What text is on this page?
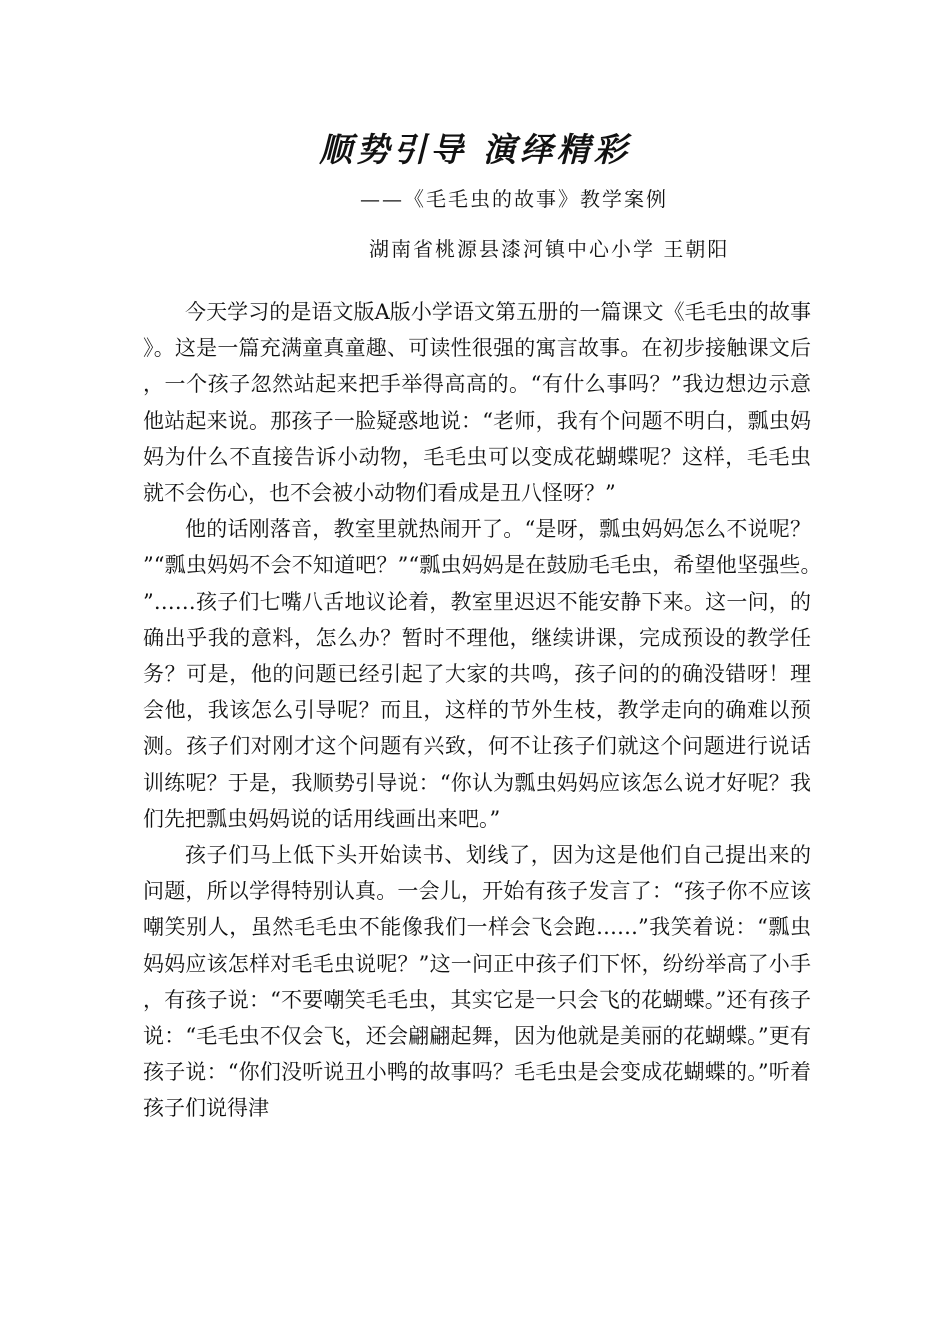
顺势引导 演绎精彩
——《毛毛虫的故事》教学案例
湖南省桃源县漆河镇中心小学 王朝阳

今天学习的是语文版A版小学语文第五册的一篇课文《毛毛虫的故事》。这是一篇充满童真童趣、可读性很强的寓言故事。在初步接触课文后，一个孩子忽然站起来把手举得高高的。“有什么事吗？”我边想边示意他站起来说。那孩子一脸疑惑地说：“老师，我有个问题不明白，瓢虫妈妈为什么不直接告诉小动物，毛毛虫可以变成花蝴蝶呢？这样，毛毛虫就不会伤心，也不会被小动物们看成是丑八怪呀？”

他的话刚落音，教室里就热闹开了。“是呀，瓢虫妈妈怎么不说呢？”“瓢虫妈妈不会不知道吧？”“瓢虫妈妈是在鼓励毛毛虫，希望他坚强些。”……孩子们七嘴八舌地议论着，教室里迟迟不能安静下来。这一问，的确出乎我的意料，怎么办？暂时不理他，继续讲课，完成预设的教学任务？可是，他的问题已经引起了大家的共鸣，孩子问的的确没错呀！理会他，我该怎么引导呢？而且，这样的节外生枝，教学走向的确难以预测。孩子们对刚才这个问题有兴致，何不让孩子们就这个问题进行说话训练呢？于是，我顺势引导说：“你认为瓢虫妈妈应该怎么说才好呢？我们先把瓢虫妈妈说的话用线画出来吧。”

孩子们马上低下头开始读书、划线了，因为这是他们自己提出来的问题，所以学得特别认真。一会儿，开始有孩子发言了：“孩子你不应该嘲笑别人，虽然毛毛虫不能像我们一样会飞会跑……”我笑着说：“瓢虫妈妈应该怎样对毛毛虫说呢？”这一问正中孩子们下怀，纷纷举高了小手，有孩子说：“不要嘲笑毛毛虫，其实它是一只会飞的花蝴蝶。”还有孩子说：“毛毛虫不仅会飞，还会翩翩起舞，因为他就是美丽的花蝴蝶。”更有孩子说：“你们没听说丑小鸭的故事吗？毛毛虫是会变成花蝴蝶的。”听着孩子们说得津
